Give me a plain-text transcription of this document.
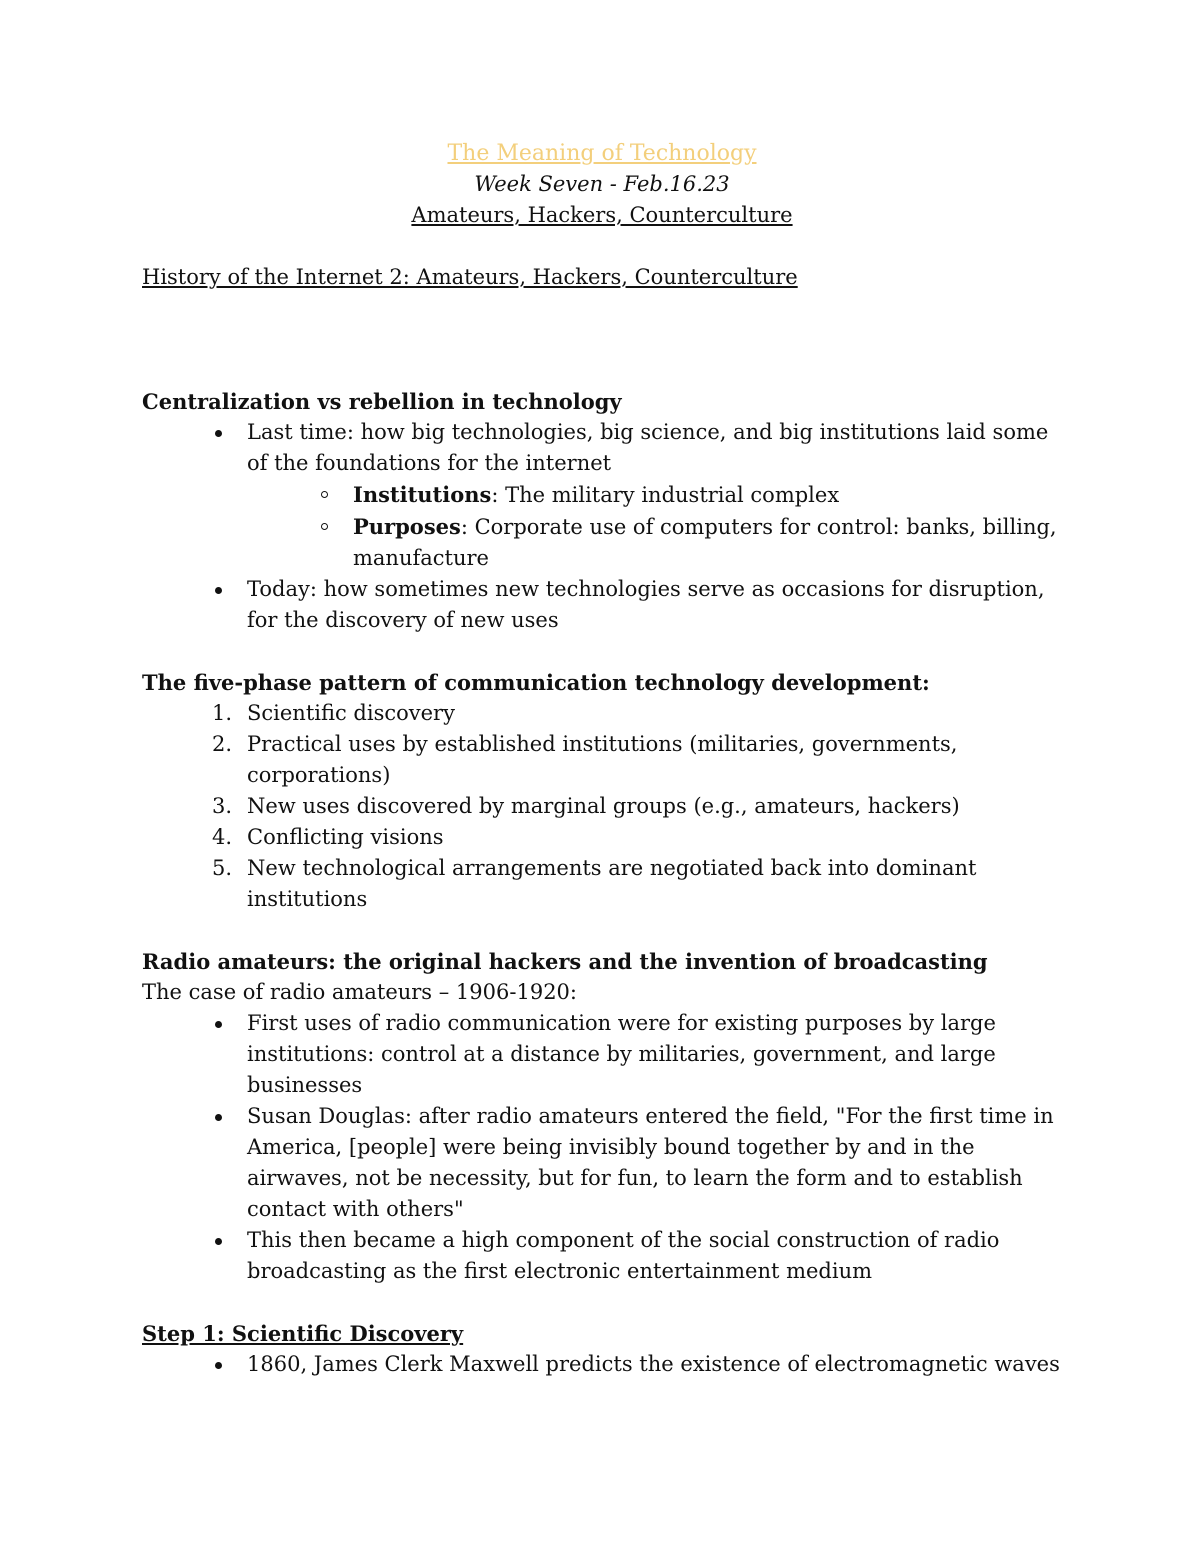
The Meaning of Technology
Week Seven - Feb.16.23
Amateurs, Hackers, Counterculture
History of the Internet 2: Amateurs, Hackers, Counterculture

Centralization vs rebellion in technology

Last time: how big technologies, big science, and big institutions laid some of the foundations for the internet
Institutions: The military industrial complex
Purposes: Corporate use of computers for control: banks, billing, manufacture
Today: how sometimes new technologies serve as occasions for disruption, for the discovery of new uses

The five-phase pattern of communication technology development:

1. Scientific discovery
2. Practical uses by established institutions (militaries, governments, corporations)
3. New uses discovered by marginal groups (e.g., amateurs, hackers)
4. Conflicting visions
5. New technological arrangements are negotiated back into dominant institutions

Radio amateurs: the original hackers and the invention of broadcasting

The case of radio amateurs – 1906-1920:
First uses of radio communication were for existing purposes by large institutions: control at a distance by militaries, government, and large businesses
Susan Douglas: after radio amateurs entered the field, "For the first time in America, [people] were being invisibly bound together by and in the airwaves, not be necessity, but for fun, to learn the form and to establish contact with others"
This then became a high component of the social construction of radio broadcasting as the first electronic entertainment medium

Step 1: Scientific Discovery

1860, James Clerk Maxwell predicts the existence of electromagnetic waves
